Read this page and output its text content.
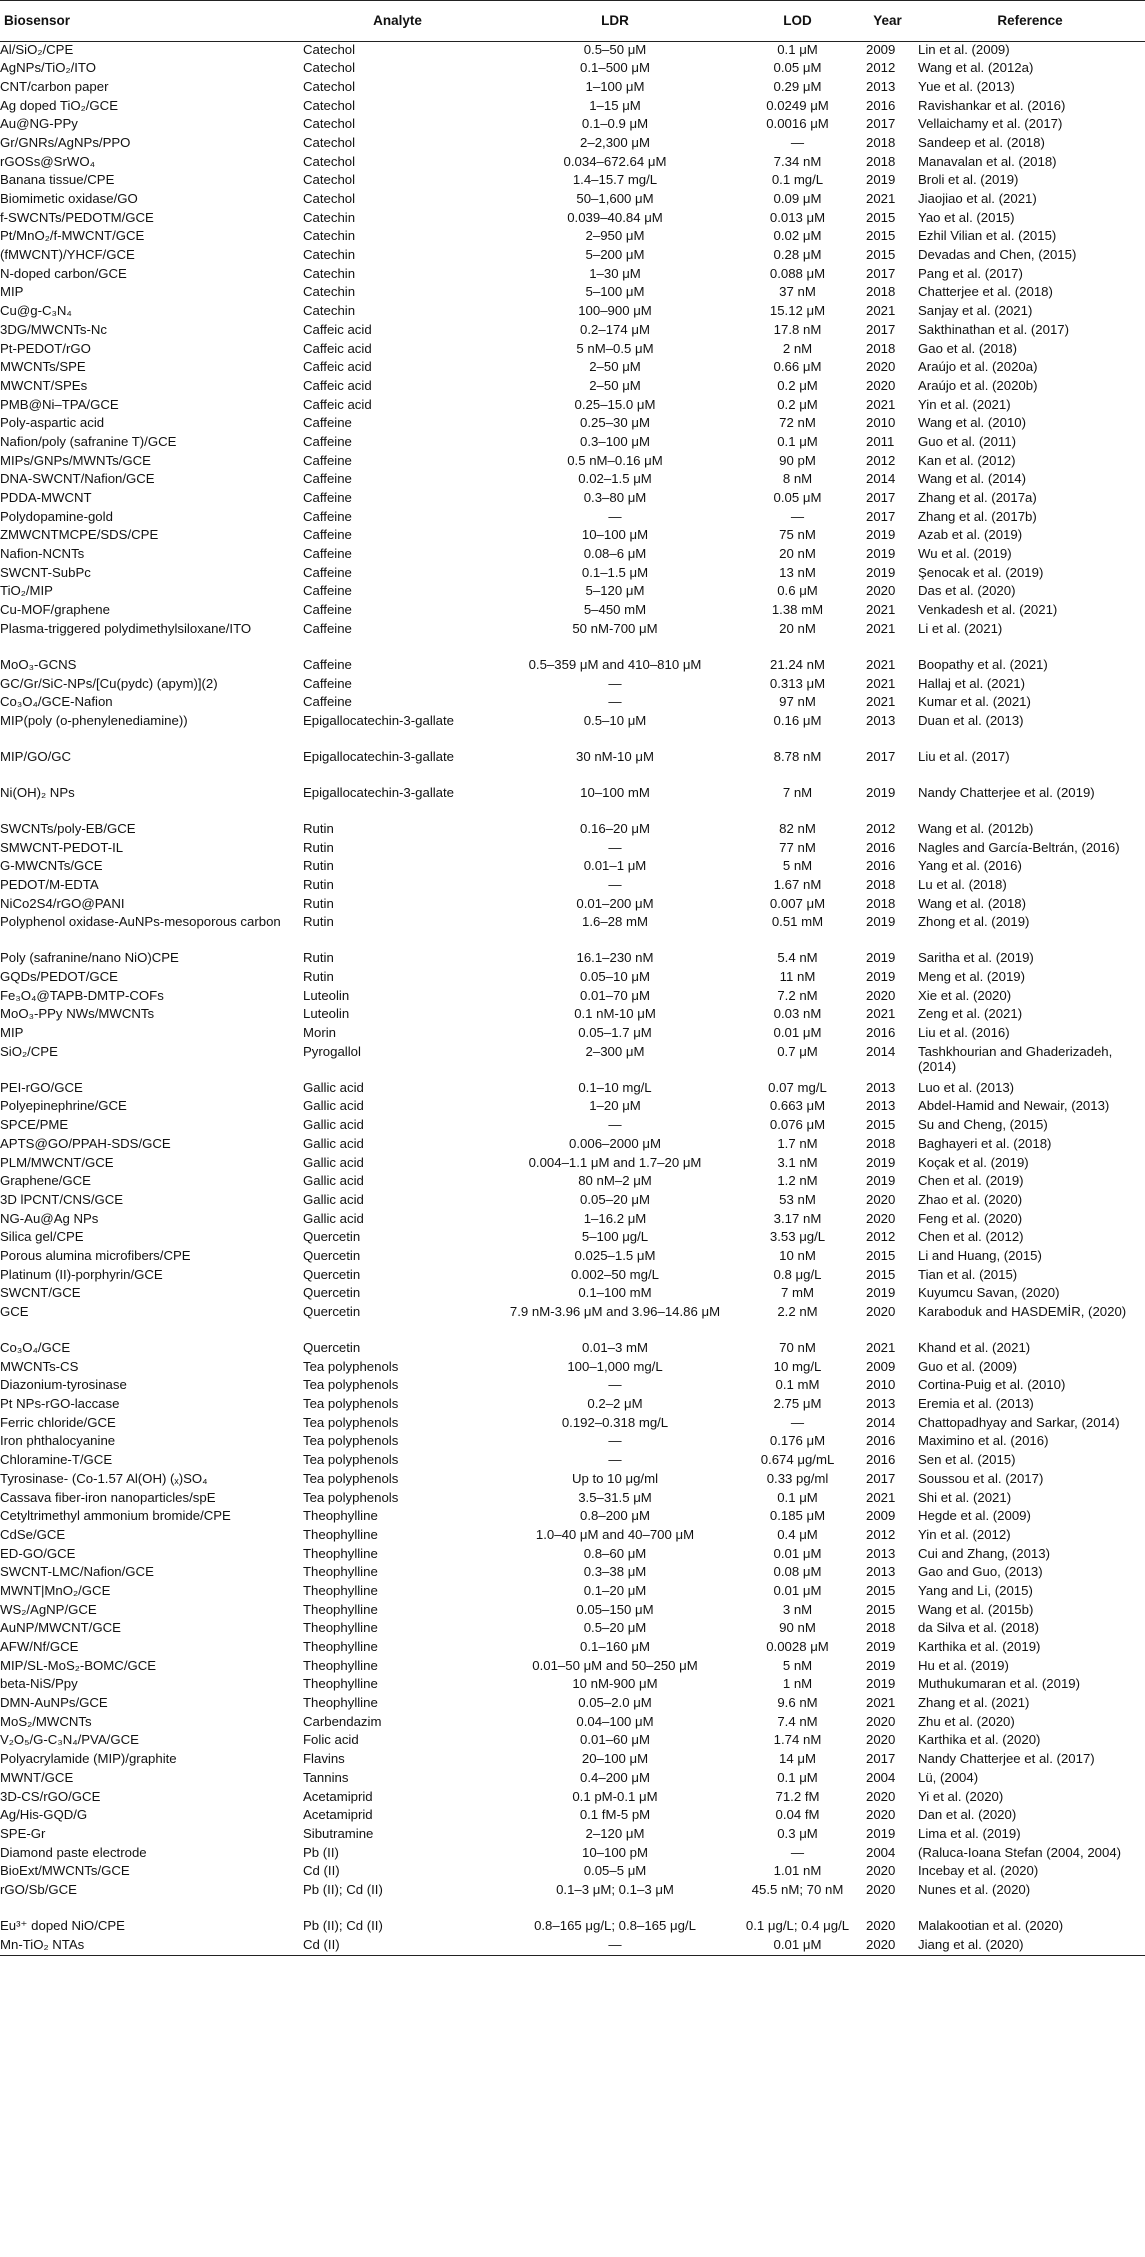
Biosensor	Analyte	LDR	LOD	Year	Reference
Al/SiO₂/CPE	Catechol	0.5–50 μM	0.1 μM	2009	Lin et al. (2009)
AgNPs/TiO₂/ITO	Catechol	0.1–500 μM	0.05 μM	2012	Wang et al. (2012a)
CNT/carbon paper	Catechol	1–100 μM	0.29 μM	2013	Yue et al. (2013)
Ag doped TiO₂/GCE	Catechol	1–15 μM	0.0249 μM	2016	Ravishankar et al. (2016)
Au@NG-PPy	Catechol	0.1–0.9 μM	0.0016 μM	2017	Vellaichamy et al. (2017)
Gr/GNRs/AgNPs/PPO	Catechol	2–2,300 μM	—	2018	Sandeep et al. (2018)
rGOSs@SrWO₄	Catechol	0.034–672.64 μM	7.34 nM	2018	Manavalan et al. (2018)
Banana tissue/CPE	Catechol	1.4–15.7 mg/L	0.1 mg/L	2019	Broli et al. (2019)
Biomimetic oxidase/GO	Catechol	50–1,600 μM	0.09 μM	2021	Jiaojiao et al. (2021)
f-SWCNTs/PEDOTM/GCE	Catechin	0.039–40.84 μM	0.013 μM	2015	Yao et al. (2015)
Pt/MnO₂/f-MWCNT/GCE	Catechin	2–950 μM	0.02 μM	2015	Ezhil Vilian et al. (2015)
(fMWCNT)/YHCF/GCE	Catechin	5–200 μM	0.28 μM	2015	Devadas and Chen, (2015)
N-doped carbon/GCE	Catechin	1–30 μM	0.088 μM	2017	Pang et al. (2017)
MIP	Catechin	5–100 μM	37 nM	2018	Chatterjee et al. (2018)
Cu@g-C₃N₄	Catechin	100–900 μM	15.12 μM	2021	Sanjay et al. (2021)
3DG/MWCNTs-Nc	Caffeic acid	0.2–174 μM	17.8 nM	2017	Sakthinathan et al. (2017)
Pt-PEDOT/rGO	Caffeic acid	5 nM–0.5 μM	2 nM	2018	Gao et al. (2018)
MWCNTs/SPE	Caffeic acid	2–50 μM	0.66 μM	2020	Araújo et al. (2020a)
MWCNT/SPEs	Caffeic acid	2–50 μM	0.2 μM	2020	Araújo et al. (2020b)
PMB@Ni–TPA/GCE	Caffeic acid	0.25–15.0 μM	0.2 μM	2021	Yin et al. (2021)
Poly-aspartic acid	Caffeine	0.25–30 μM	72 nM	2010	Wang et al. (2010)
Nafion/poly (safranine T)/GCE	Caffeine	0.3–100 μM	0.1 μM	2011	Guo et al. (2011)
MIPs/GNPs/MWNTs/GCE	Caffeine	0.5 nM–0.16 μM	90 pM	2012	Kan et al. (2012)
DNA-SWCNT/Nafion/GCE	Caffeine	0.02–1.5 μM	8 nM	2014	Wang et al. (2014)
PDDA-MWCNT	Caffeine	0.3–80 μM	0.05 μM	2017	Zhang et al. (2017a)
Polydopamine-gold	Caffeine	—	—	2017	Zhang et al. (2017b)
ZMWCNTMCPE/SDS/CPE	Caffeine	10–100 μM	75 nM	2019	Azab et al. (2019)
Nafion-NCNTs	Caffeine	0.08–6 μM	20 nM	2019	Wu et al. (2019)
SWCNT-SubPc	Caffeine	0.1–1.5 μM	13 nM	2019	Şenocak et al. (2019)
TiO₂/MIP	Caffeine	5–120 μM	0.6 μM	2020	Das et al. (2020)
Cu-MOF/graphene	Caffeine	5–450 mM	1.38 mM	2021	Venkadesh et al. (2021)
Plasma-triggered polydimethylsiloxane/ITO	Caffeine	50 nM-700 μM	20 nM	2021	Li et al. (2021)
MoO₃-GCNS	Caffeine	0.5–359 μM and 410–810 μM	21.24 nM	2021	Boopathy et al. (2021)
GC/Gr/SiC-NPs/[Cu(pydc) (apym)](2)	Caffeine	—	0.313 μM	2021	Hallaj et al. (2021)
Co₃O₄/GCE-Nafion	Caffeine	—	97 nM	2021	Kumar et al. (2021)
MIP(poly (o-phenylenediamine))	Epigallocatechin-3-gallate	0.5–10 μM	0.16 μM	2013	Duan et al. (2013)
MIP/GO/GC	Epigallocatechin-3-gallate	30 nM-10 μM	8.78 nM	2017	Liu et al. (2017)
Ni(OH)₂ NPs	Epigallocatechin-3-gallate	10–100 mM	7 nM	2019	Nandy Chatterjee et al. (2019)
SWCNTs/poly-EB/GCE	Rutin	0.16–20 μM	82 nM	2012	Wang et al. (2012b)
SMWCNT-PEDOT-IL	Rutin	—	77 nM	2016	Nagles and García-Beltrán, (2016)
G-MWCNTs/GCE	Rutin	0.01–1 μM	5 nM	2016	Yang et al. (2016)
PEDOT/M-EDTA	Rutin	—	1.67 nM	2018	Lu et al. (2018)
NiCo2S4/rGO@PANI	Rutin	0.01–200 μM	0.007 μM	2018	Wang et al. (2018)
Polyphenol oxidase-AuNPs-mesoporous carbon	Rutin	1.6–28 mM	0.51 mM	2019	Zhong et al. (2019)
Poly (safranine/nano NiO)CPE	Rutin	16.1–230 nM	5.4 nM	2019	Saritha et al. (2019)
GQDs/PEDOT/GCE	Rutin	0.05–10 μM	11 nM	2019	Meng et al. (2019)
Fe₃O₄@TAPB-DMTP-COFs	Luteolin	0.01–70 μM	7.2 nM	2020	Xie et al. (2020)
MoO₃-PPy NWs/MWCNTs	Luteolin	0.1 nM-10 μM	0.03 nM	2021	Zeng et al. (2021)
MIP	Morin	0.05–1.7 μM	0.01 μM	2016	Liu et al. (2016)
SiO₂/CPE	Pyrogallol	2–300 μM	0.7 μM	2014	Tashkhourian and Ghaderizadeh, (2014)
PEI-rGO/GCE	Gallic acid	0.1–10 mg/L	0.07 mg/L	2013	Luo et al. (2013)
Polyepinephrine/GCE	Gallic acid	1–20 μM	0.663 μM	2013	Abdel-Hamid and Newair, (2013)
SPCE/PME	Gallic acid	—	0.076 μM	2015	Su and Cheng, (2015)
APTS@GO/PPAH-SDS/GCE	Gallic acid	0.006–2000 μM	1.7 nM	2018	Baghayeri et al. (2018)
PLM/MWCNT/GCE	Gallic acid	0.004–1.1 μM and 1.7–20 μM	3.1 nM	2019	Koçak et al. (2019)
Graphene/GCE	Gallic acid	80 nM–2 μM	1.2 nM	2019	Chen et al. (2019)
3D lPCNT/CNS/GCE	Gallic acid	0.05–20 μM	53 nM	2020	Zhao et al. (2020)
NG-Au@Ag NPs	Gallic acid	1–16.2 μM	3.17 nM	2020	Feng et al. (2020)
Silica gel/CPE	Quercetin	5–100 μg/L	3.53 μg/L	2012	Chen et al. (2012)
Porous alumina microfibers/CPE	Quercetin	0.025–1.5 μM	10 nM	2015	Li and Huang, (2015)
Platinum (II)-porphyrin/GCE	Quercetin	0.002–50 mg/L	0.8 μg/L	2015	Tian et al. (2015)
SWCNT/GCE	Quercetin	0.1–100 mM	7 mM	2019	Kuyumcu Savan, (2020)
GCE	Quercetin	7.9 nM-3.96 μM and 3.96–14.86 μM	2.2 nM	2020	Karaboduk and HASDEMİR, (2020)
Co₃O₄/GCE	Quercetin	0.01–3 mM	70 nM	2021	Khand et al. (2021)
MWCNTs-CS	Tea polyphenols	100–1,000 mg/L	10 mg/L	2009	Guo et al. (2009)
Diazonium-tyrosinase	Tea polyphenols	—	0.1 mM	2010	Cortina-Puig et al. (2010)
Pt NPs-rGO-laccase	Tea polyphenols	0.2–2 μM	2.75 μM	2013	Eremia et al. (2013)
Ferric chloride/GCE	Tea polyphenols	0.192–0.318 mg/L	—	2014	Chattopadhyay and Sarkar, (2014)
Iron phthalocyanine	Tea polyphenols	—	0.176 μM	2016	Maximino et al. (2016)
Chloramine-T/GCE	Tea polyphenols	—	0.674 μg/mL	2016	Sen et al. (2015)
Tyrosinase- (Co-1.57 Al(OH) (ₓ)SO₄	Tea polyphenols	Up to 10 μg/ml	0.33 pg/ml	2017	Soussou et al. (2017)
Cassava fiber-iron nanoparticles/spE	Tea polyphenols	3.5–31.5 μM	0.1 μM	2021	Shi et al. (2021)
Cetyltrimethyl ammonium bromide/CPE	Theophylline	0.8–200 μM	0.185 μM	2009	Hegde et al. (2009)
CdSe/GCE	Theophylline	1.0–40 μM and 40–700 μM	0.4 μM	2012	Yin et al. (2012)
ED-GO/GCE	Theophylline	0.8–60 μM	0.01 μM	2013	Cui and Zhang, (2013)
SWCNT-LMC/Nafion/GCE	Theophylline	0.3–38 μM	0.08 μM	2013	Gao and Guo, (2013)
MWNT|MnO₂/GCE	Theophylline	0.1–20 μM	0.01 μM	2015	Yang and Li, (2015)
WS₂/AgNP/GCE	Theophylline	0.05–150 μM	3 nM	2015	Wang et al. (2015b)
AuNP/MWCNT/GCE	Theophylline	0.5–20 μM	90 nM	2018	da Silva et al. (2018)
AFW/Nf/GCE	Theophylline	0.1–160 μM	0.0028 μM	2019	Karthika et al. (2019)
MIP/SL-MoS₂-BOMC/GCE	Theophylline	0.01–50 μM and 50–250 μM	5 nM	2019	Hu et al. (2019)
beta-NiS/Ppy	Theophylline	10 nM-900 μM	1 nM	2019	Muthukumaran et al. (2019)
DMN-AuNPs/GCE	Theophylline	0.05–2.0 μM	9.6 nM	2021	Zhang et al. (2021)
MoS₂/MWCNTs	Carbendazim	0.04–100 μM	7.4 nM	2020	Zhu et al. (2020)
V₂O₅/G-C₃N₄/PVA/GCE	Folic acid	0.01–60 μM	1.74 nM	2020	Karthika et al. (2020)
Polyacrylamide (MIP)/graphite	Flavins	20–100 μM	14 μM	2017	Nandy Chatterjee et al. (2017)
MWNT/GCE	Tannins	0.4–200 μM	0.1 μM	2004	Lü, (2004)
3D-CS/rGO/GCE	Acetamiprid	0.1 pM-0.1 μM	71.2 fM	2020	Yi et al. (2020)
Ag/His-GQD/G	Acetamiprid	0.1 fM-5 pM	0.04 fM	2020	Dan et al. (2020)
SPE-Gr	Sibutramine	2–120 μM	0.3 μM	2019	Lima et al. (2019)
Diamond paste electrode	Pb (II)	10–100 pM	—	2004	(Raluca-Ioana Stefan (2004, 2004)
BioExt/MWCNTs/GCE	Cd (II)	0.05–5 μM	1.01 nM	2020	Incebay et al. (2020)
rGO/Sb/GCE	Pb (II); Cd (II)	0.1–3 μM; 0.1–3 μM	45.5 nM; 70 nM	2020	Nunes et al. (2020)
Eu³⁺ doped NiO/CPE	Pb (II); Cd (II)	0.8–165 μg/L; 0.8–165 μg/L	0.1 μg/L; 0.4 μg/L	2020	Malakootian et al. (2020)
Mn-TiO₂ NTAs	Cd (II)	—	0.01 μM	2020	Jiang et al. (2020)
